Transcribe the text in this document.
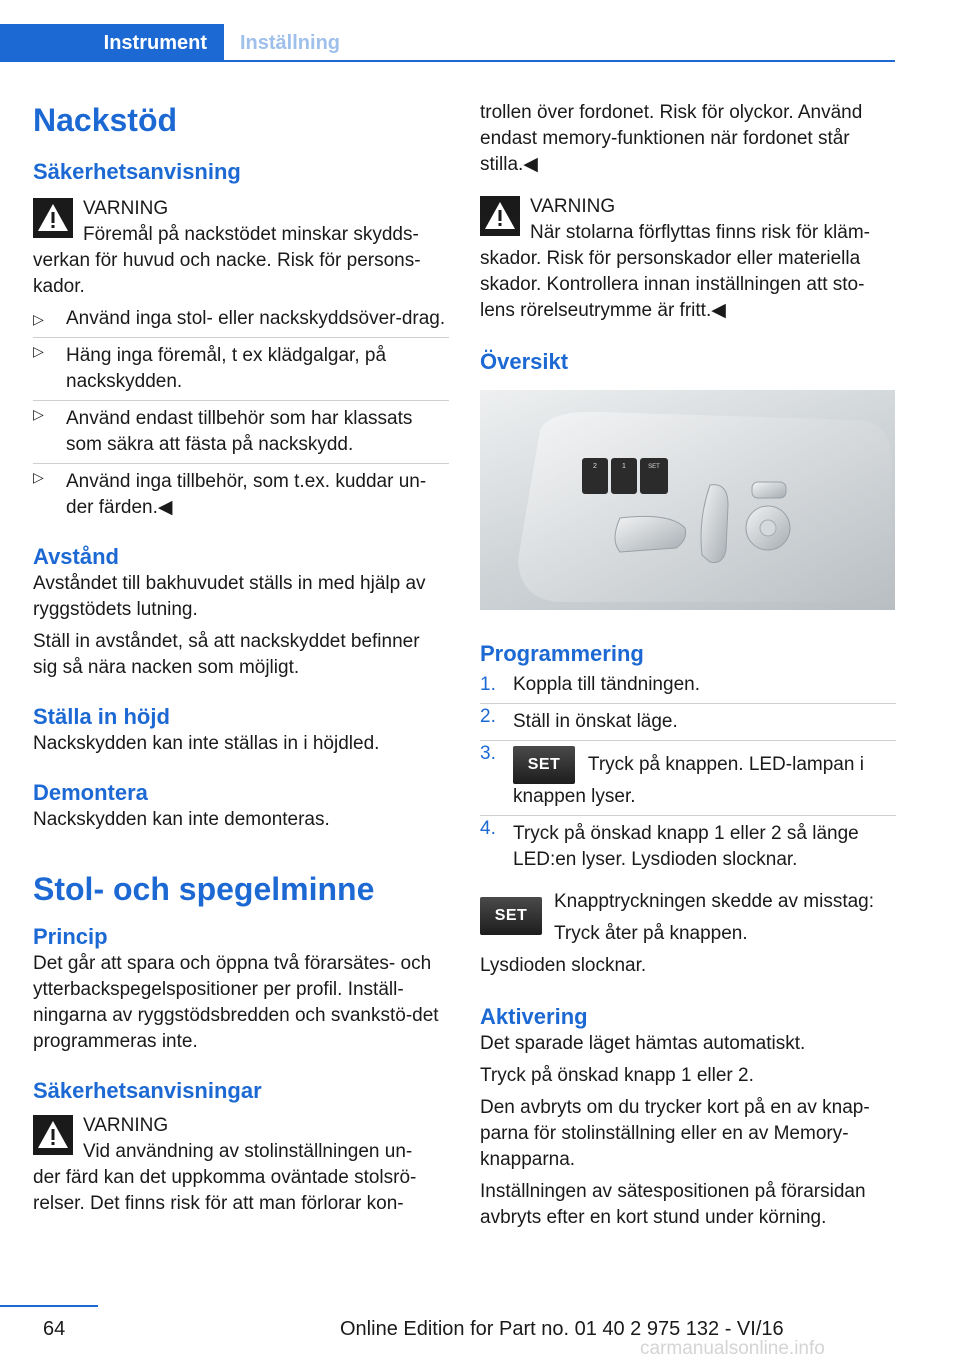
Instrument	Inställning
Nackstöd
Säkerhetsanvisning
VARNING
Föremål på nackstödet minskar skydds-
verkan för huvud och nacke. Risk för persons-kador.
▷ Använd inga stol- eller nackskyddsöver-drag.
▷ Häng inga föremål, t ex klädgalgar, på nackskydden.
▷ Använd endast tillbehör som har klassats som säkra att fästa på nackskydd.
▷ Använd inga tillbehör, som t.ex. kuddar un-der färden.◀
Avstånd
Avståndet till bakhuvudet ställs in med hjälp av ryggstödets lutning.
Ställ in avståndet, så att nackskyddet befinner sig så nära nacken som möjligt.
Ställa in höjd
Nackskydden kan inte ställas in i höjdled.
Demontera
Nackskydden kan inte demonteras.
Stol- och spegelminne
Princip
Det går att spara och öppna två förarsätes- och ytterbackspegelspositioner per profil. Inställ-ningarna av ryggstödsbredden och svankstö-det programmeras inte.
Säkerhetsanvisningar
VARNING
Vid användning av stolinställningen un-
der färd kan det uppkomma oväntade stolsrö-relser. Det finns risk för att man förlorar kon-
trollen över fordonet. Risk för olyckor. Använd endast memory-funktionen när fordonet står stilla.◀
VARNING
När stolarna förflyttas finns risk för kläm-
skador. Risk för personskador eller materiella skador. Kontrollera innan inställningen att sto-lens rörelseutrymme är fritt.◀
Översikt
2	1	SET
Programmering
1. Koppla till tändningen.
2. Ställ in önskat läge.
3.
SET Tryck på knappen. LED-lampan i knappen lyser.
4. Tryck på önskad knapp 1 eller 2 så länge LED:en lyser. Lysdioden slocknar.
SET
Knapptryckningen skedde av misstag:
Tryck åter på knappen.
Lysdioden slocknar.
Aktivering
Det sparade läget hämtas automatiskt.
Tryck på önskad knapp 1 eller 2.
Den avbryts om du trycker kort på en av knap-parna för stolinställning eller en av Memory-knapparna.
Inställningen av sätespositionen på förarsidan avbryts efter en kort stund under körning.
64	Online Edition for Part no. 01 40 2 975 132 - VI/16
carmanualsonline.info
